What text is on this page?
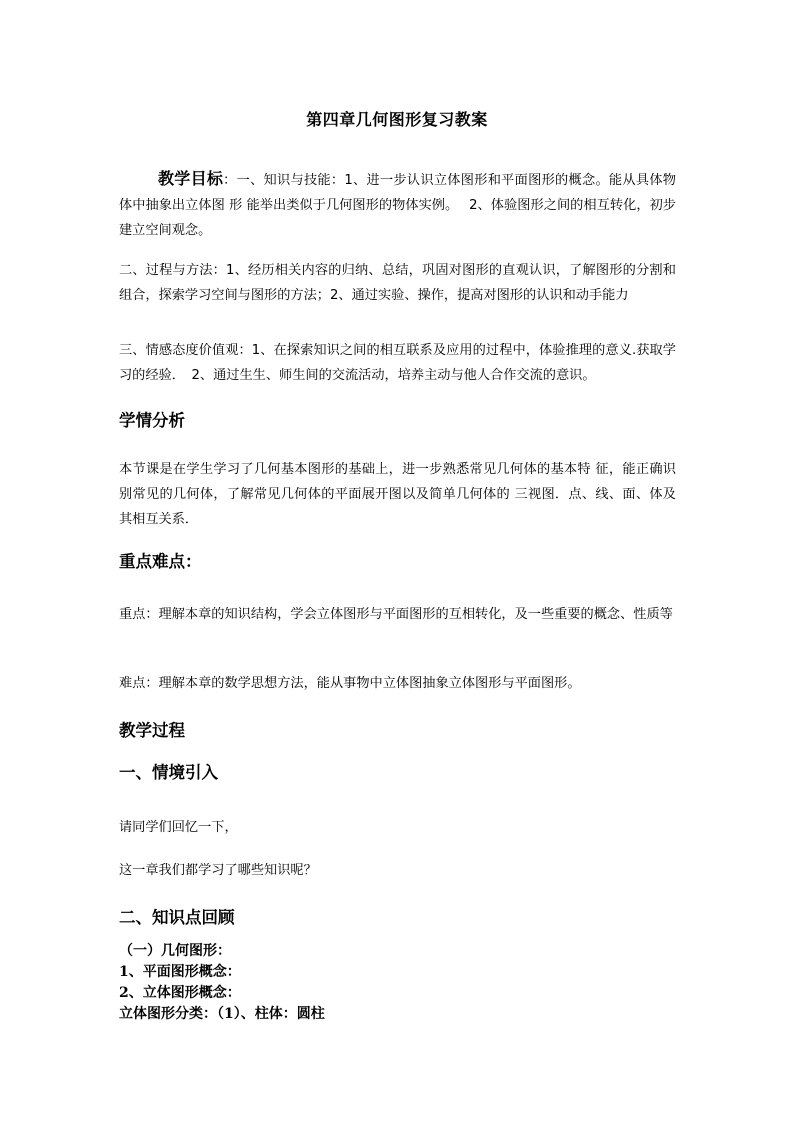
第四章几何图形复习教案

教学目标：一、知识与技能：1、进一步认识立体图形和平面图形的概念。能从具体物体中抽象出立体图 形 能举出类似于几何图形的物体实例。　 2、体验图形之间的相互转化，初步建立空间观念。

二、过程与方法：1、经历相关内容的归纳、总结，巩固对图形的直观认识，了解图形的分割和组合，探索学习空间与图形的方法；2、通过实验、操作，提高对图形的认识和动手能力

三、情感态度价值观：1、在探索知识之间的相互联系及应用的过程中，体验推理的意义.获取学习的经验．　2、通过生生、师生间的交流活动，培养主动与他人合作交流的意识。

学情分析

本节课是在学生学习了几何基本图形的基础上，进一步熟悉常见几何体的基本特 征，能正确识别常见的几何体，了解常见几何体的平面展开图以及简单几何体的 三视图．点、线、面、体及其相互关系．

重点难点：

重点：理解本章的知识结构，学会立体图形与平面图形的互相转化，及一些重要的概念、性质等

难点：理解本章的数学思想方法，能从事物中立体图抽象立体图形与平面图形。

教学过程
一、情境引入

请同学们回忆一下，

这一章我们都学习了哪些知识呢？

二、知识点回顾
（一）几何图形：
1、平面图形概念：
2、立体图形概念：
立体图形分类：（1）、柱体：圆柱
